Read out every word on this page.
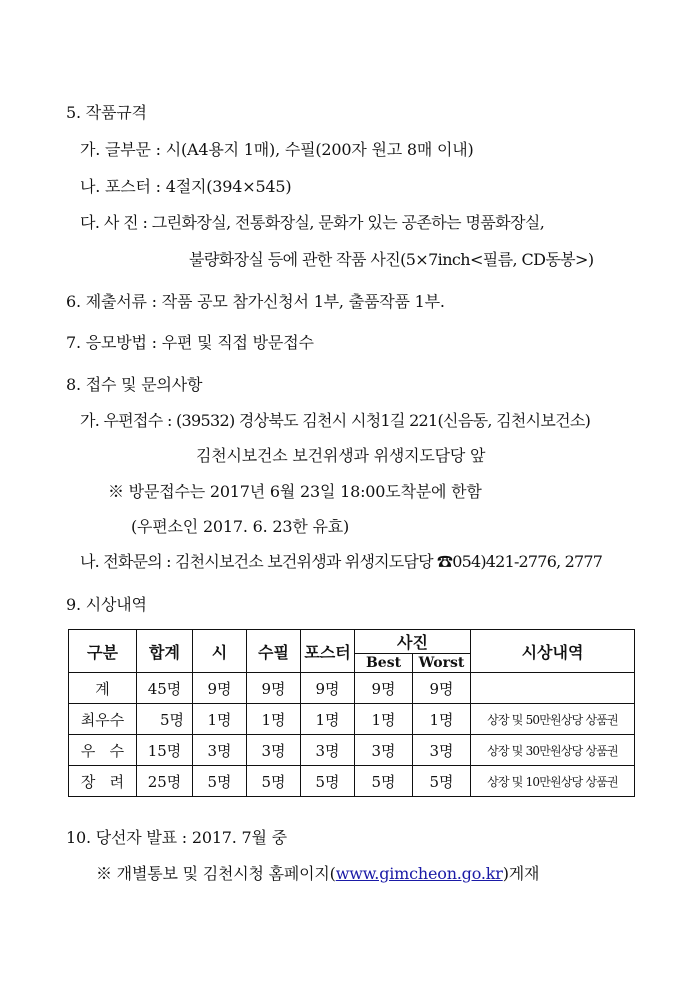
5. 작품규격
가. 글부문 : 시(A4용지 1매), 수필(200자 원고 8매 이내)
나. 포스터 : 4절지(394×545)
다. 사 진 : 그린화장실, 전통화장실, 문화가 있는 공존하는 명품화장실,
불량화장실 등에 관한 작품 사진(5×7inch<필름, CD동봉>)
6. 제출서류 : 작품 공모 참가신청서 1부, 출품작품 1부.
7. 응모방법 : 우편 및 직접 방문접수
8. 접수 및 문의사항
가. 우편접수 : (39532) 경상북도 김천시 시청1길 221(신음동, 김천시보건소)
김천시보건소 보건위생과 위생지도담당 앞
※ 방문접수는 2017년 6월 23일 18:00도착분에 한함
(우편소인 2017. 6. 23한 유효)
나. 전화문의 : 김천시보건소 보건위생과 위생지도담당 ☎054)421-2776, 2777
9. 시상내역
구분	합계	시	수필	포스터	사진		시상내역
					Best	Worst	
계	45명	9명	9명	9명	9명	9명	
최우수	5명	1명	1명	1명	1명	1명	상장 및 50만원상당 상품권
우   수	15명	3명	3명	3명	3명	3명	상장 및 30만원상당 상품권
장   려	25명	5명	5명	5명	5명	5명	상장 및 10만원상당 상품권
10. 당선자 발표 : 2017. 7월 중
※ 개별통보 및 김천시청 홈페이지(www.gimcheon.go.kr)게재
